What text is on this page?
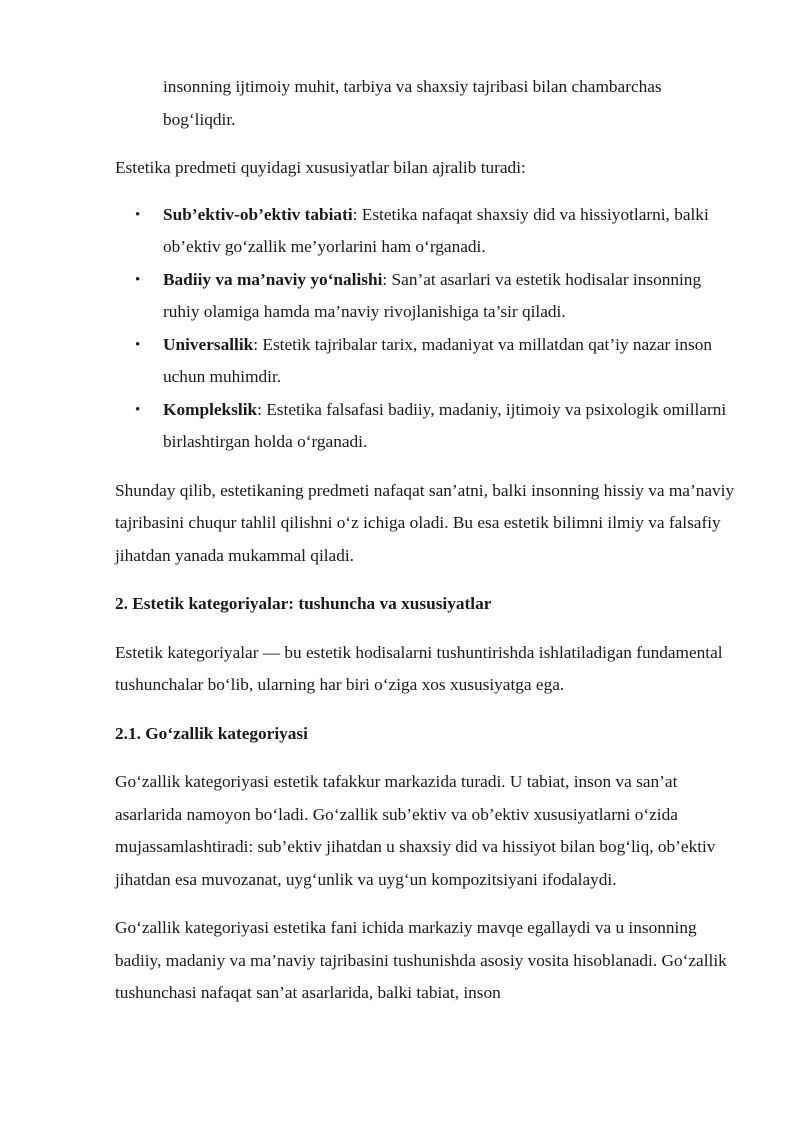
insonning ijtimoiy muhit, tarbiya va shaxsiy tajribasi bilan chambarchas bog‘liqdir.

Estetika predmeti quyidagi xususiyatlar bilan ajralib turadi:

• Sub’ektiv-ob’ektiv tabiati: Estetika nafaqat shaxsiy did va hissiyotlarni, balki ob’ektiv go‘zallik me’yorlarini ham o‘rganadi.
• Badiiy va ma’naviy yo‘nalishi: San’at asarlari va estetik hodisalar insonning ruhiy olamiga hamda ma’naviy rivojlanishiga ta’sir qiladi.
• Universallik: Estetik tajribalar tarix, madaniyat va millatdan qat’iy nazar inson uchun muhimdir.
• Komplekslik: Estetika falsafasi badiiy, madaniy, ijtimoiy va psixologik omillarni birlashtirgan holda o‘rganadi.

Shunday qilib, estetikaning predmeti nafaqat san’atni, balki insonning hissiy va ma’naviy tajribasini chuqur tahlil qilishni o‘z ichiga oladi. Bu esa estetik bilimni ilmiy va falsafiy jihatdan yanada mukammal qiladi.

2. Estetik kategoriyalar: tushuncha va xususiyatlar

Estetik kategoriyalar — bu estetik hodisalarni tushuntirishda ishlatiladigan fundamental tushunchalar bo‘lib, ularning har biri o‘ziga xos xususiyatga ega.

2.1. Go‘zallik kategoriyasi

Go‘zallik kategoriyasi estetik tafakkur markazida turadi. U tabiat, inson va san’at asarlarida namoyon bo‘ladi. Go‘zallik sub’ektiv va ob’ektiv xususiyatlarni o‘zida mujassamlashtiradi: sub’ektiv jihatdan u shaxsiy did va hissiyot bilan bog‘liq, ob’ektiv jihatdan esa muvozanat, uyg‘unlik va uyg‘un kompozitsiyani ifodalaydi.

Go‘zallik kategoriyasi estetika fani ichida markaziy mavqe egallaydi va u insonning badiiy, madaniy va ma’naviy tajribasini tushunishda asosiy vosita hisoblanadi. Go‘zallik tushunchasi nafaqat san’at asarlarida, balki tabiat, inson
